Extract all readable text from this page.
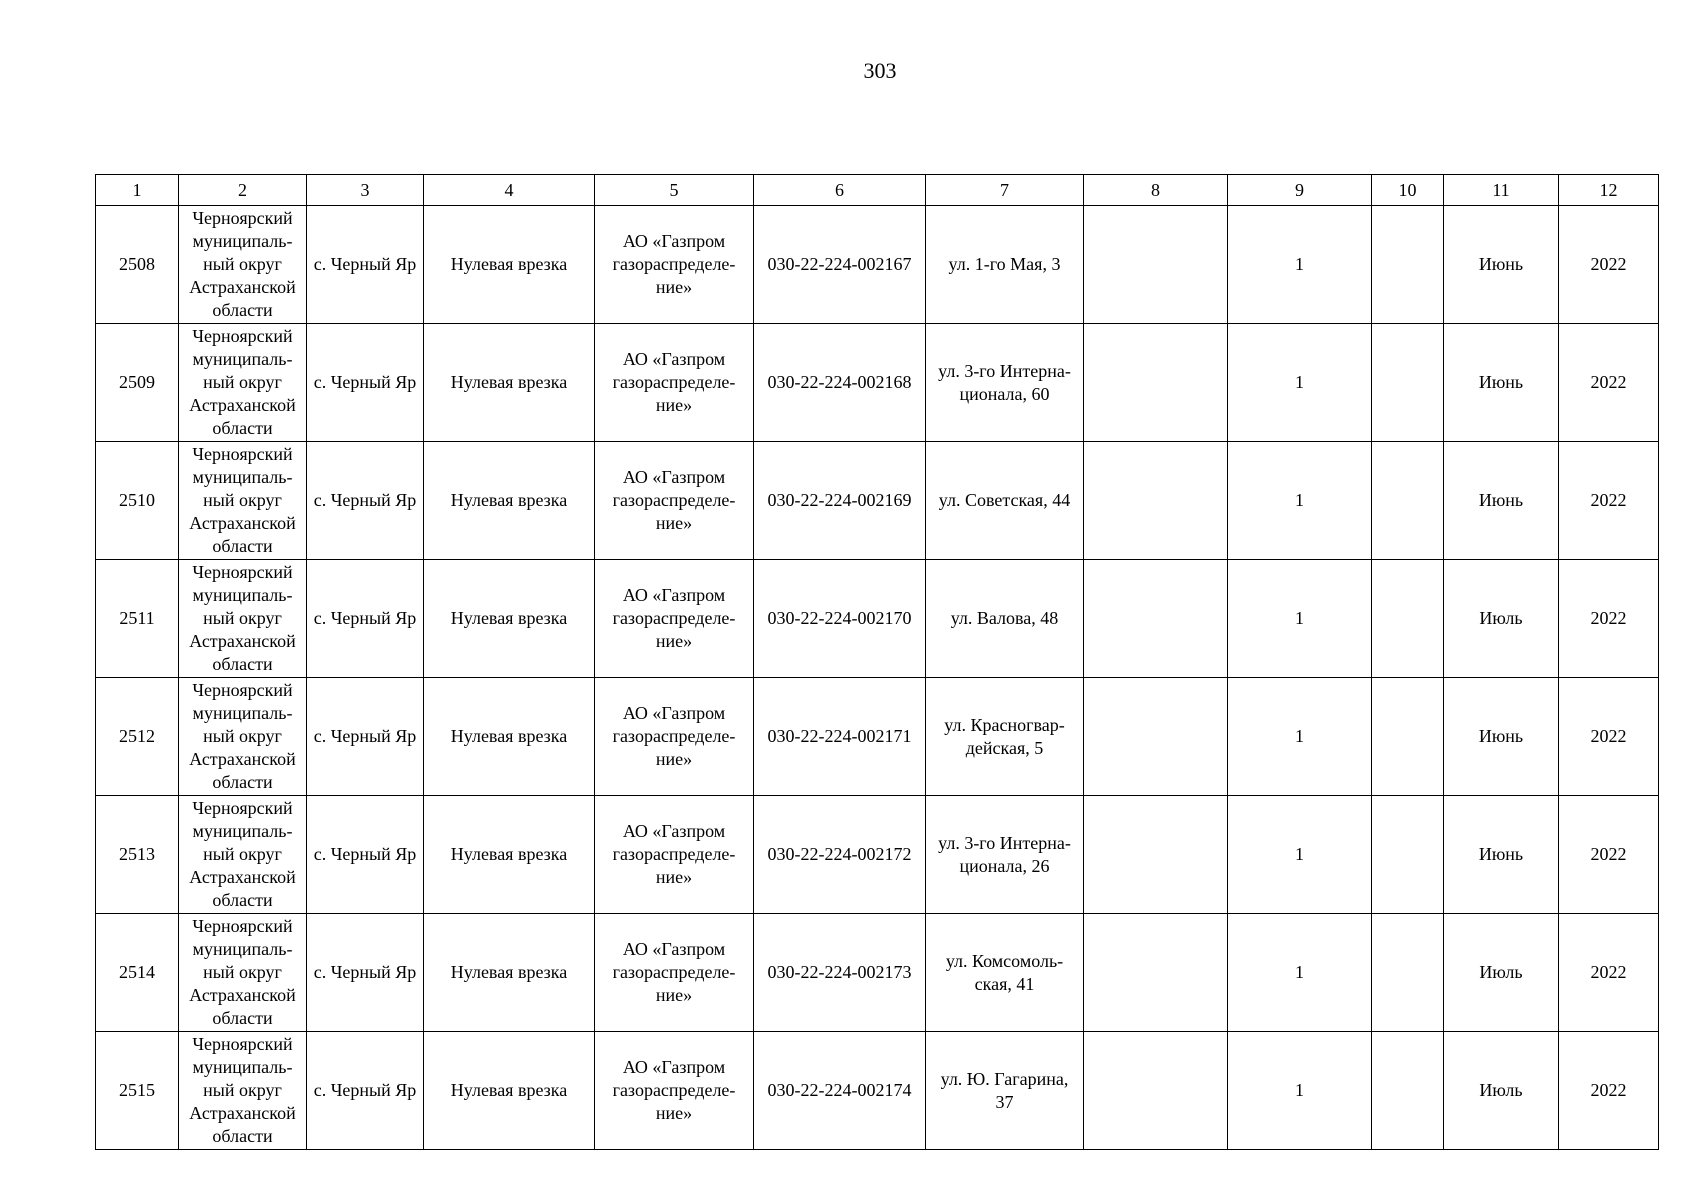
303
1	2	3	4	5	6	7	8	9	10	11	12
2508	Черноярский
муниципаль-
ный округ
Астраханской
области	с. Черный Яр	Нулевая врезка	АО «Газпром
газораспределе-
ние»	030-22-224-002167	ул. 1-го Мая, 3		1		Июнь	2022
2509	Черноярский
муниципаль-
ный округ
Астраханской
области	с. Черный Яр	Нулевая врезка	АО «Газпром
газораспределе-
ние»	030-22-224-002168	ул. 3-го Интерна-
ционала, 60		1		Июнь	2022
2510	Черноярский
муниципаль-
ный округ
Астраханской
области	с. Черный Яр	Нулевая врезка	АО «Газпром
газораспределе-
ние»	030-22-224-002169	ул. Советская, 44		1		Июнь	2022
2511	Черноярский
муниципаль-
ный округ
Астраханской
области	с. Черный Яр	Нулевая врезка	АО «Газпром
газораспределе-
ние»	030-22-224-002170	ул. Валова, 48		1		Июль	2022
2512	Черноярский
муниципаль-
ный округ
Астраханской
области	с. Черный Яр	Нулевая врезка	АО «Газпром
газораспределе-
ние»	030-22-224-002171	ул. Красногвар-
дейская, 5		1		Июнь	2022
2513	Черноярский
муниципаль-
ный округ
Астраханской
области	с. Черный Яр	Нулевая врезка	АО «Газпром
газораспределе-
ние»	030-22-224-002172	ул. 3-го Интерна-
ционала, 26		1		Июнь	2022
2514	Черноярский
муниципаль-
ный округ
Астраханской
области	с. Черный Яр	Нулевая врезка	АО «Газпром
газораспределе-
ние»	030-22-224-002173	ул. Комсомоль-
ская, 41		1		Июль	2022
2515	Черноярский
муниципаль-
ный округ
Астраханской
области	с. Черный Яр	Нулевая врезка	АО «Газпром
газораспределе-
ние»	030-22-224-002174	ул. Ю. Гагарина,
37		1		Июль	2022
